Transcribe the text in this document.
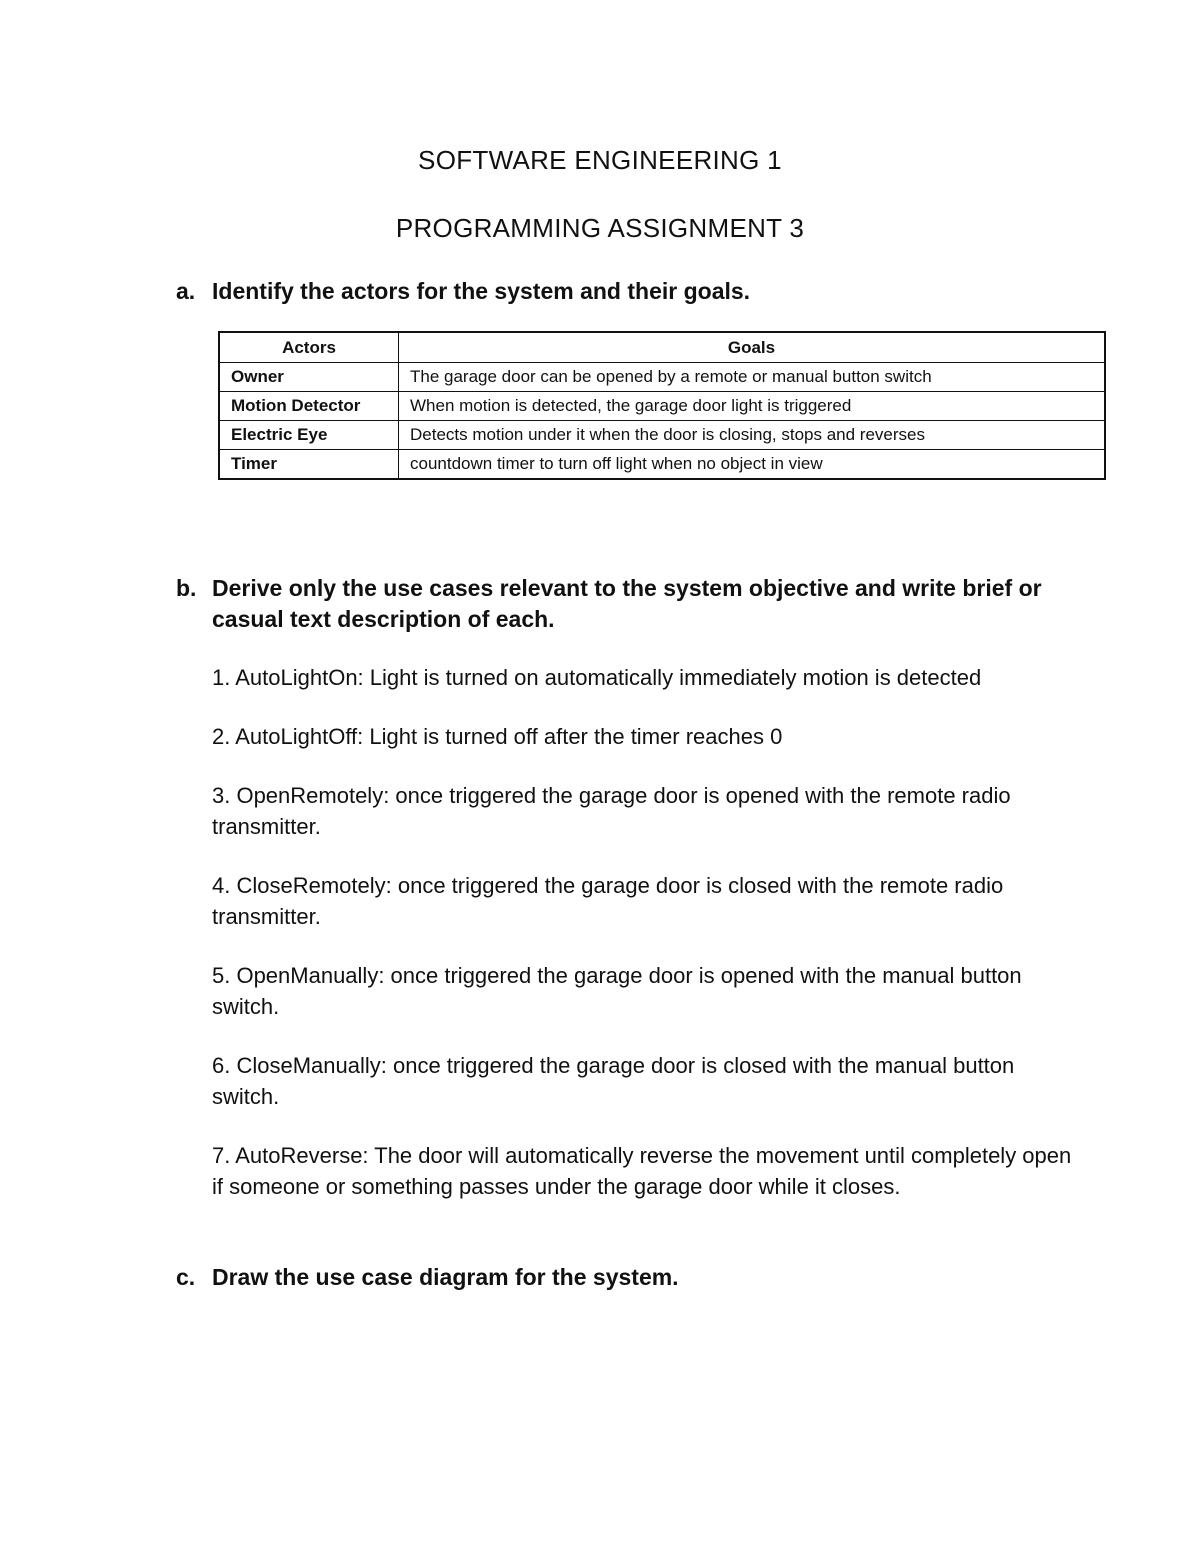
SOFTWARE ENGINEERING 1
PROGRAMMING ASSIGNMENT 3
a. Identify the actors for the system and their goals.
Actors	Goals
Owner	The garage door can be opened by a remote or manual button switch
Motion Detector	When motion is detected, the garage door light is triggered
Electric Eye	Detects motion under it when the door is closing, stops and reverses
Timer	countdown timer to turn off light when no object in view
b. Derive only the use cases relevant to the system objective and write brief or casual text description of each.

1. AutoLightOn: Light is turned on automatically immediately motion is detected

2. AutoLightOff: Light is turned off after the timer reaches 0

3. OpenRemotely: once triggered the garage door is opened with the remote radio transmitter.

4. CloseRemotely: once triggered the garage door is closed with the remote radio transmitter.

5. OpenManually: once triggered the garage door is opened with the manual button switch.

6. CloseManually: once triggered the garage door is closed with the manual button switch.

7. AutoReverse: The door will automatically reverse the movement until completely open if someone or something passes under the garage door while it closes.

c. Draw the use case diagram for the system.
